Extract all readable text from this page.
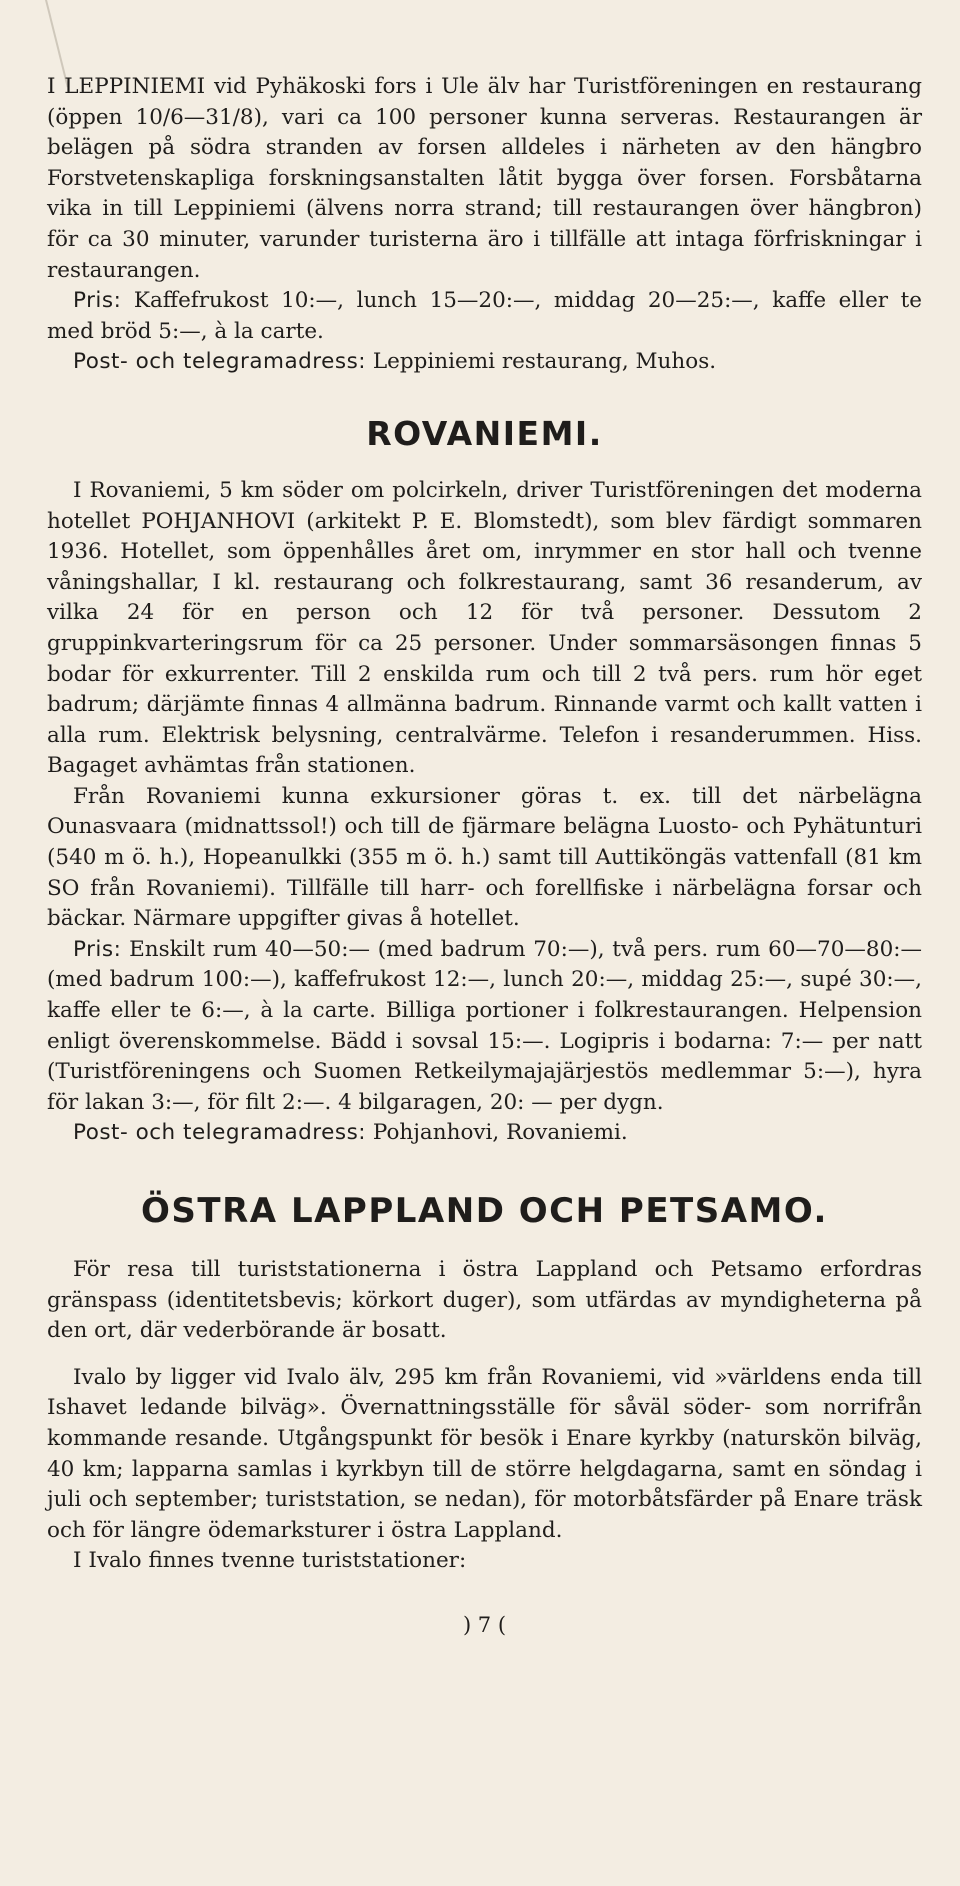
I LEPPINIEMI vid Pyhäkoski fors i Ule älv har Turistföreningen en restaurang (öppen 10/6—31/8), vari ca 100 personer kunna serveras. Restaurangen är belägen på södra stranden av forsen alldeles i närheten av den hängbro Forstvetenskapliga forskningsanstalten låtit bygga över forsen. Forsbåtarna vika in till Leppiniemi (älvens norra strand; till restaurangen över hängbron) för ca 30 minuter, varunder turisterna äro i tillfälle att intaga förfriskningar i restaurangen.

Pris: Kaffefrukost 10:—, lunch 15—20:—, middag 20—25:—, kaffe eller te med bröd 5:—, à la carte.

Post- och telegramadress: Leppiniemi restaurang, Muhos.

ROVANIEMI.

I Rovaniemi, 5 km söder om polcirkeln, driver Turistföreningen det moderna hotellet POHJANHOVI (arkitekt P. E. Blomstedt), som blev färdigt sommaren 1936. Hotellet, som öppenhålles året om, inrymmer en stor hall och tvenne våningshallar, I kl. restaurang och folkrestaurang, samt 36 resanderum, av vilka 24 för en person och 12 för två personer. Dessutom 2 gruppinkvarteringsrum för ca 25 personer. Under sommarsäsongen finnas 5 bodar för exkurrenter. Till 2 enskilda rum och till 2 två pers. rum hör eget badrum; därjämte finnas 4 allmänna badrum. Rinnande varmt och kallt vatten i alla rum. Elektrisk belysning, centralvärme. Telefon i resanderummen. Hiss. Bagaget avhämtas från stationen.

Från Rovaniemi kunna exkursioner göras t. ex. till det närbelägna Ounasvaara (midnattssol!) och till de fjärmare belägna Luosto- och Pyhätunturi (540 m ö. h.), Hopeanulkki (355 m ö. h.) samt till Auttiköngäs vattenfall (81 km SO från Rovaniemi). Tillfälle till harr- och forellfiske i närbelägna forsar och bäckar. Närmare uppgifter givas å hotellet.

Pris: Enskilt rum 40—50:— (med badrum 70:—), två pers. rum 60—70—80:— (med badrum 100:—), kaffefrukost 12:—, lunch 20:—, middag 25:—, supé 30:—, kaffe eller te 6:—, à la carte. Billiga portioner i folkrestaurangen. Helpension enligt överenskommelse. Bädd i sovsal 15:—. Logipris i bodarna: 7:— per natt (Turistföreningens och Suomen Retkeilymajajärjestös medlemmar 5:—), hyra för lakan 3:—, för filt 2:—. 4 bilgaragen, 20: — per dygn.

Post- och telegramadress: Pohjanhovi, Rovaniemi.

ÖSTRA LAPPLAND OCH PETSAMO.

För resa till turiststationerna i östra Lappland och Petsamo erfordras gränspass (identitetsbevis; körkort duger), som utfärdas av myndigheterna på den ort, där vederbörande är bosatt.

Ivalo by ligger vid Ivalo älv, 295 km från Rovaniemi, vid »världens enda till Ishavet ledande bilväg». Övernattningsställe för såväl söder- som norrifrån kommande resande. Utgångspunkt för besök i Enare kyrkby (naturskön bilväg, 40 km; lapparna samlas i kyrkbyn till de större helgdagarna, samt en söndag i juli och september; turiststation, se nedan), för motorbåtsfärder på Enare träsk och för längre ödemarksturer i östra Lappland.

I Ivalo finnes tvenne turiststationer:

) 7 (
